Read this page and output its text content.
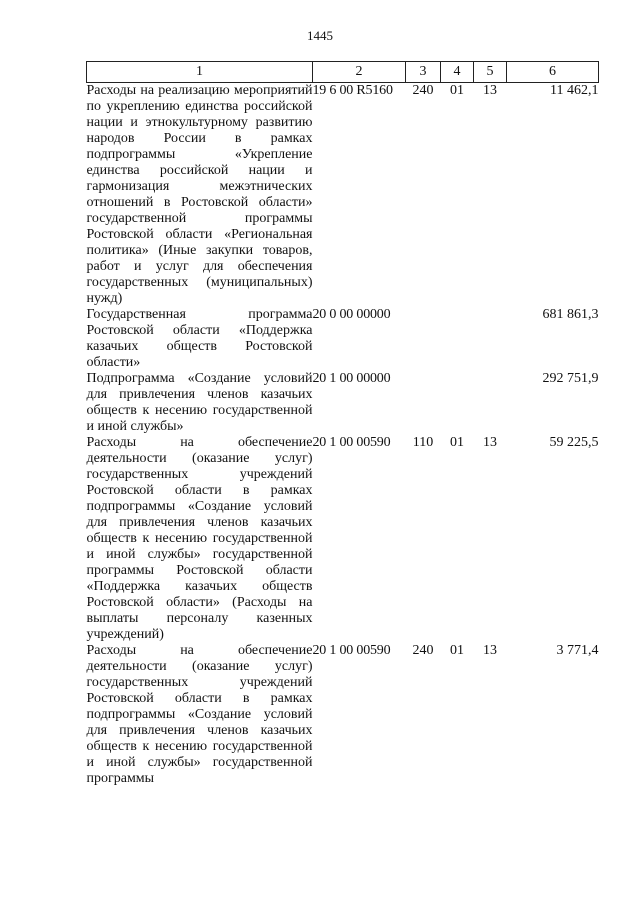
1445
1	2	3	4	5	6
Расходы на реализацию мероприятий по укреплению единства российской нации и этнокультурному развитию народов России в рамках подпрограммы «Укрепление единства российской нации и гармонизация межэтнических отношений в Ростовской области» государственной программы Ростовской области «Региональная политика» (Иные закупки товаров, работ и услуг для обеспечения государственных (муниципальных) нужд)	19 6 00 R5160	240	01	13	11 462,1
Государственная программа Ростовской области «Поддержка казачьих обществ Ростовской области»	20 0 00 00000				681 861,3
Подпрограмма «Создание условий для привлечения членов казачьих обществ к несению государственной и иной службы»	20 1 00 00000				292 751,9
Расходы на обеспечение деятельности (оказание услуг) государственных учреждений Ростовской области в рамках подпрограммы «Создание условий для привлечения членов казачьих обществ к несению государственной и иной службы» государственной программы Ростовской области «Поддержка казачьих обществ Ростовской области» (Расходы на выплаты персоналу казенных учреждений)	20 1 00 00590	110	01	13	59 225,5
Расходы на обеспечение деятельности (оказание услуг) государственных учреждений Ростовской области в рамках подпрограммы «Создание условий для привлечения членов казачьих обществ к несению государственной и иной службы» государственной программы	20 1 00 00590	240	01	13	3 771,4
